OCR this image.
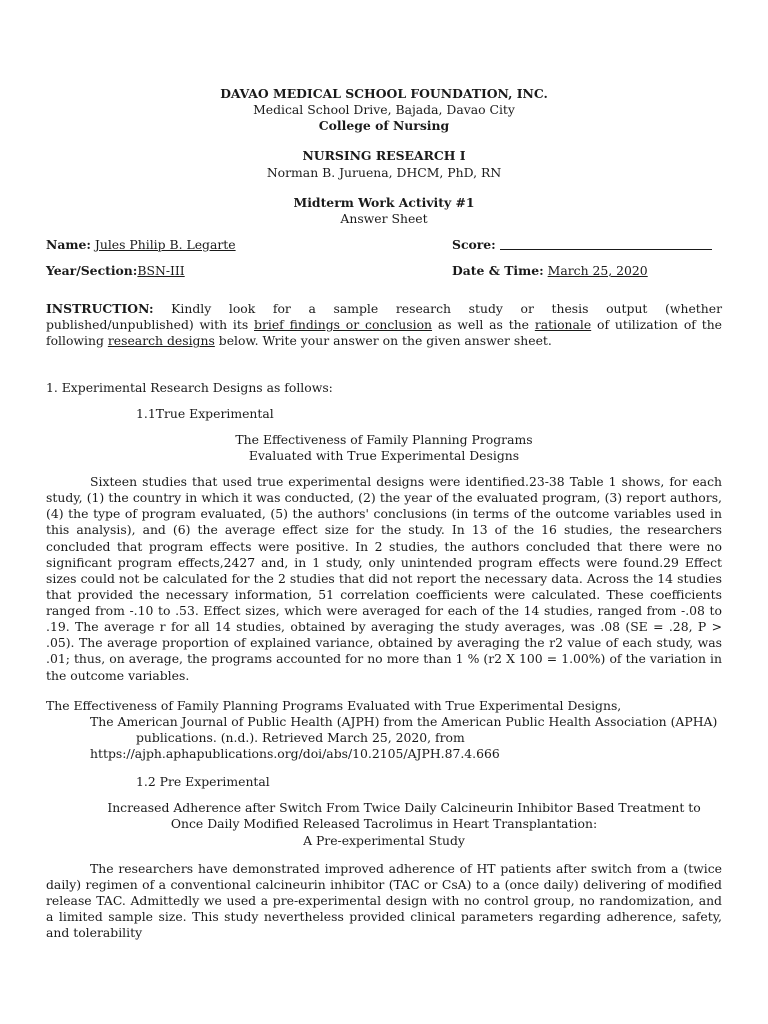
DAVAO MEDICAL SCHOOL FOUNDATION, INC.
Medical School Drive, Bajada, Davao City
College of Nursing
NURSING RESEARCH I
Norman B. Juruena, DHCM, PhD, RN
Midterm Work Activity #1
Answer Sheet
Name: Jules Philip B. Legarte	Score:
Year/Section:BSN-III	Date & Time: March 25, 2020

INSTRUCTION: Kindly look for a sample research study or thesis output (whether published/unpublished) with its brief findings or conclusion as well as the rationale of utilization of the following research designs below. Write your answer on the given answer sheet.

1. Experimental Research Designs as follows:
1.1True Experimental
The Effectiveness of Family Planning Programs
Evaluated with True Experimental Designs

Sixteen studies that used true experimental designs were identified.23-38 Table 1 shows, for each study, (1) the country in which it was conducted, (2) the year of the evaluated program, (3) report authors, (4) the type of program evaluated, (5) the authors' conclusions (in terms of the outcome variables used in this analysis), and (6) the average effect size for the study. In 13 of the 16 studies, the researchers concluded that program effects were positive. In 2 studies, the authors concluded that there were no significant program effects,2427 and, in 1 study, only unintended program effects were found.29 Effect sizes could not be calculated for the 2 studies that did not report the necessary data. Across the 14 studies that provided the necessary information, 51 correlation coefficients were calculated. These coefficients ranged from -.10 to .53. Effect sizes, which were averaged for each of the 14 studies, ranged from -.08 to .19. The average r for all 14 studies, obtained by averaging the study averages, was .08 (SE = .28, P > .05). The average proportion of explained variance, obtained by averaging the r2 value of each study, was .01; thus, on average, the programs accounted for no more than 1 % (r2 X 100 = 1.00%) of the variation in the outcome variables.

The Effectiveness of Family Planning Programs Evaluated with True Experimental Designs,
The American Journal of Public Health (AJPH) from the American Public Health Association (APHA)
publications. (n.d.). Retrieved March 25, 2020, from
https://ajph.aphapublications.org/doi/abs/10.2105/AJPH.87.4.666
1.2 Pre Experimental
Increased Adherence after Switch From Twice Daily Calcineurin Inhibitor Based Treatment to
Once Daily Modified Released Tacrolimus in Heart Transplantation:
A Pre-experimental Study

The researchers have demonstrated improved adherence of HT patients after switch from a (twice daily) regimen of a conventional calcineurin inhibitor (TAC or CsA) to a (once daily) delivering of modified release TAC. Admittedly we used a pre-experimental design with no control group, no randomization, and a limited sample size. This study nevertheless provided clinical parameters regarding adherence, safety, and tolerability
